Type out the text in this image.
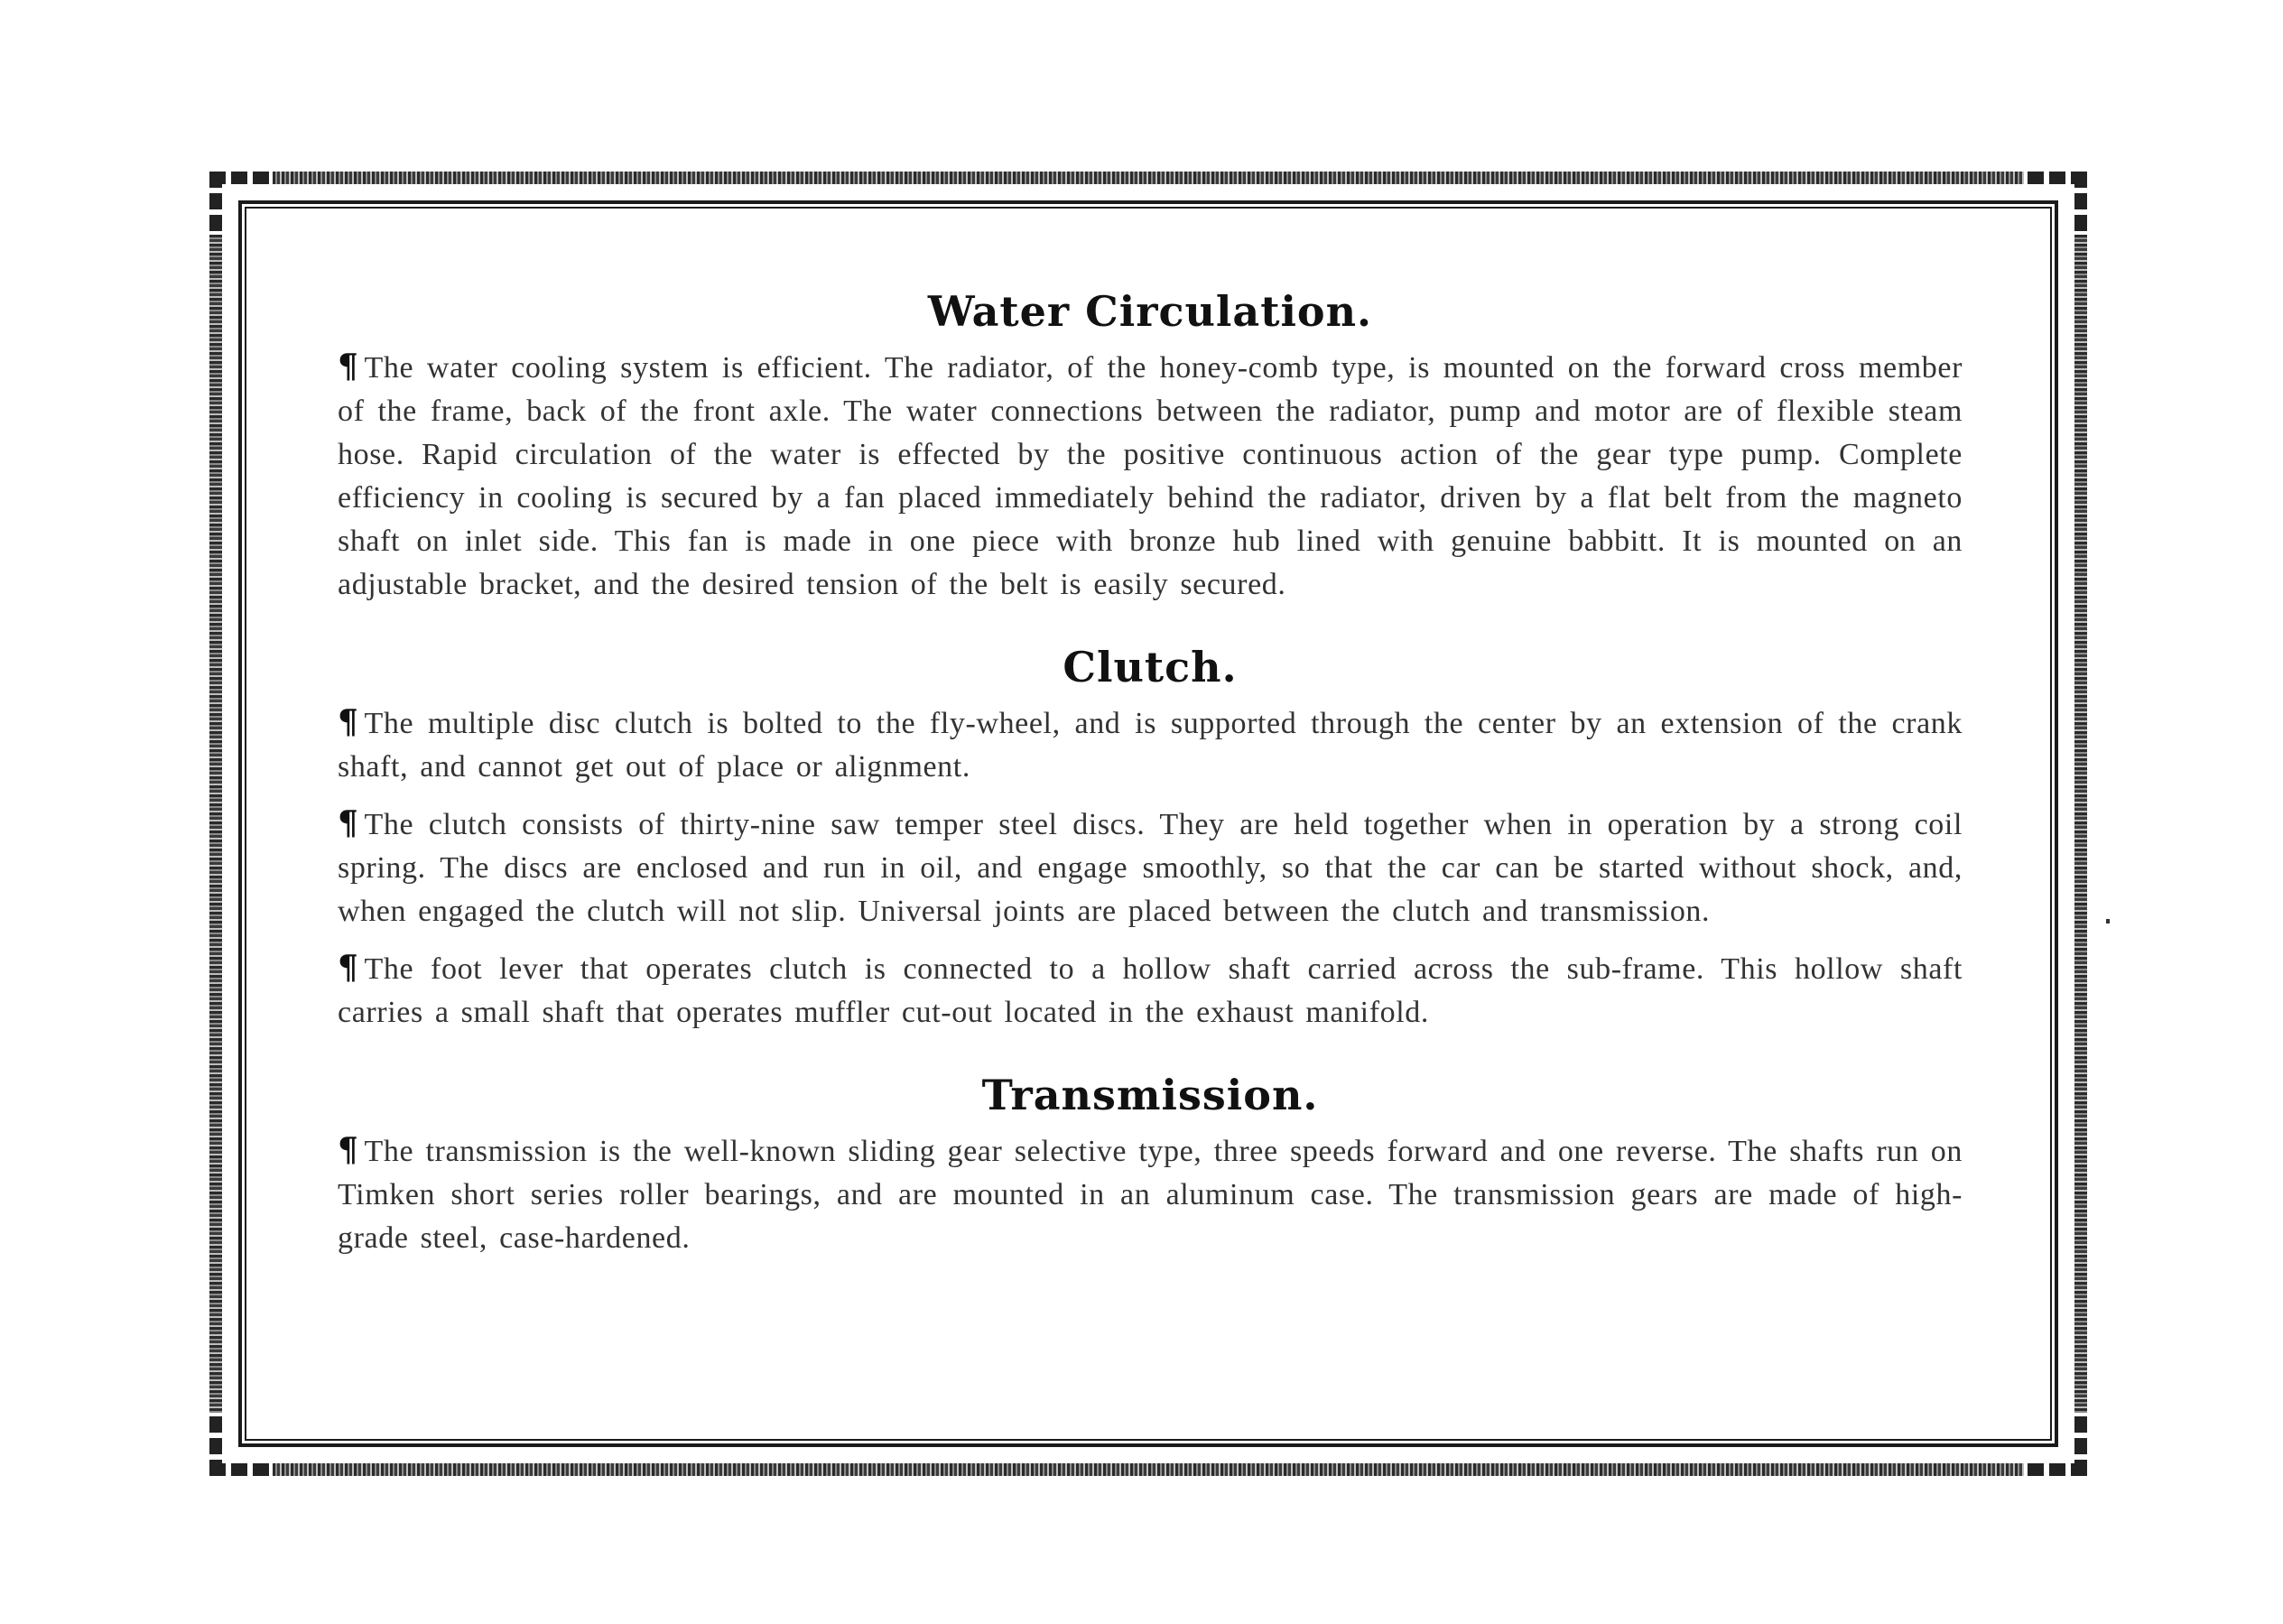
Water Circulation.

¶ The water cooling system is efficient. The radiator, of the honey-comb type, is mounted on the forward cross member of the frame, back of the front axle. The water connections between the radiator, pump and motor are of flexible steam hose. Rapid circulation of the water is effected by the positive continuous action of the gear type pump. Complete efficiency in cooling is secured by a fan placed immediately behind the radiator, driven by a flat belt from the magneto shaft on inlet side. This fan is made in one piece with bronze hub lined with genuine babbitt. It is mounted on an adjustable bracket, and the desired tension of the belt is easily secured.

Clutch.

¶ The multiple disc clutch is bolted to the fly-wheel, and is supported through the center by an extension of the crank shaft, and cannot get out of place or alignment.

¶ The clutch consists of thirty-nine saw temper steel discs. They are held together when in operation by a strong coil spring. The discs are enclosed and run in oil, and engage smoothly, so that the car can be started without shock, and, when engaged the clutch will not slip. Universal joints are placed between the clutch and transmission.

¶ The foot lever that operates clutch is connected to a hollow shaft carried across the sub-frame. This hollow shaft carries a small shaft that operates muffler cut-out located in the exhaust manifold.

Transmission.

¶ The transmission is the well-known sliding gear selective type, three speeds forward and one reverse. The shafts run on Timken short series roller bearings, and are mounted in an aluminum case. The transmission gears are made of high-grade steel, case-hardened.
